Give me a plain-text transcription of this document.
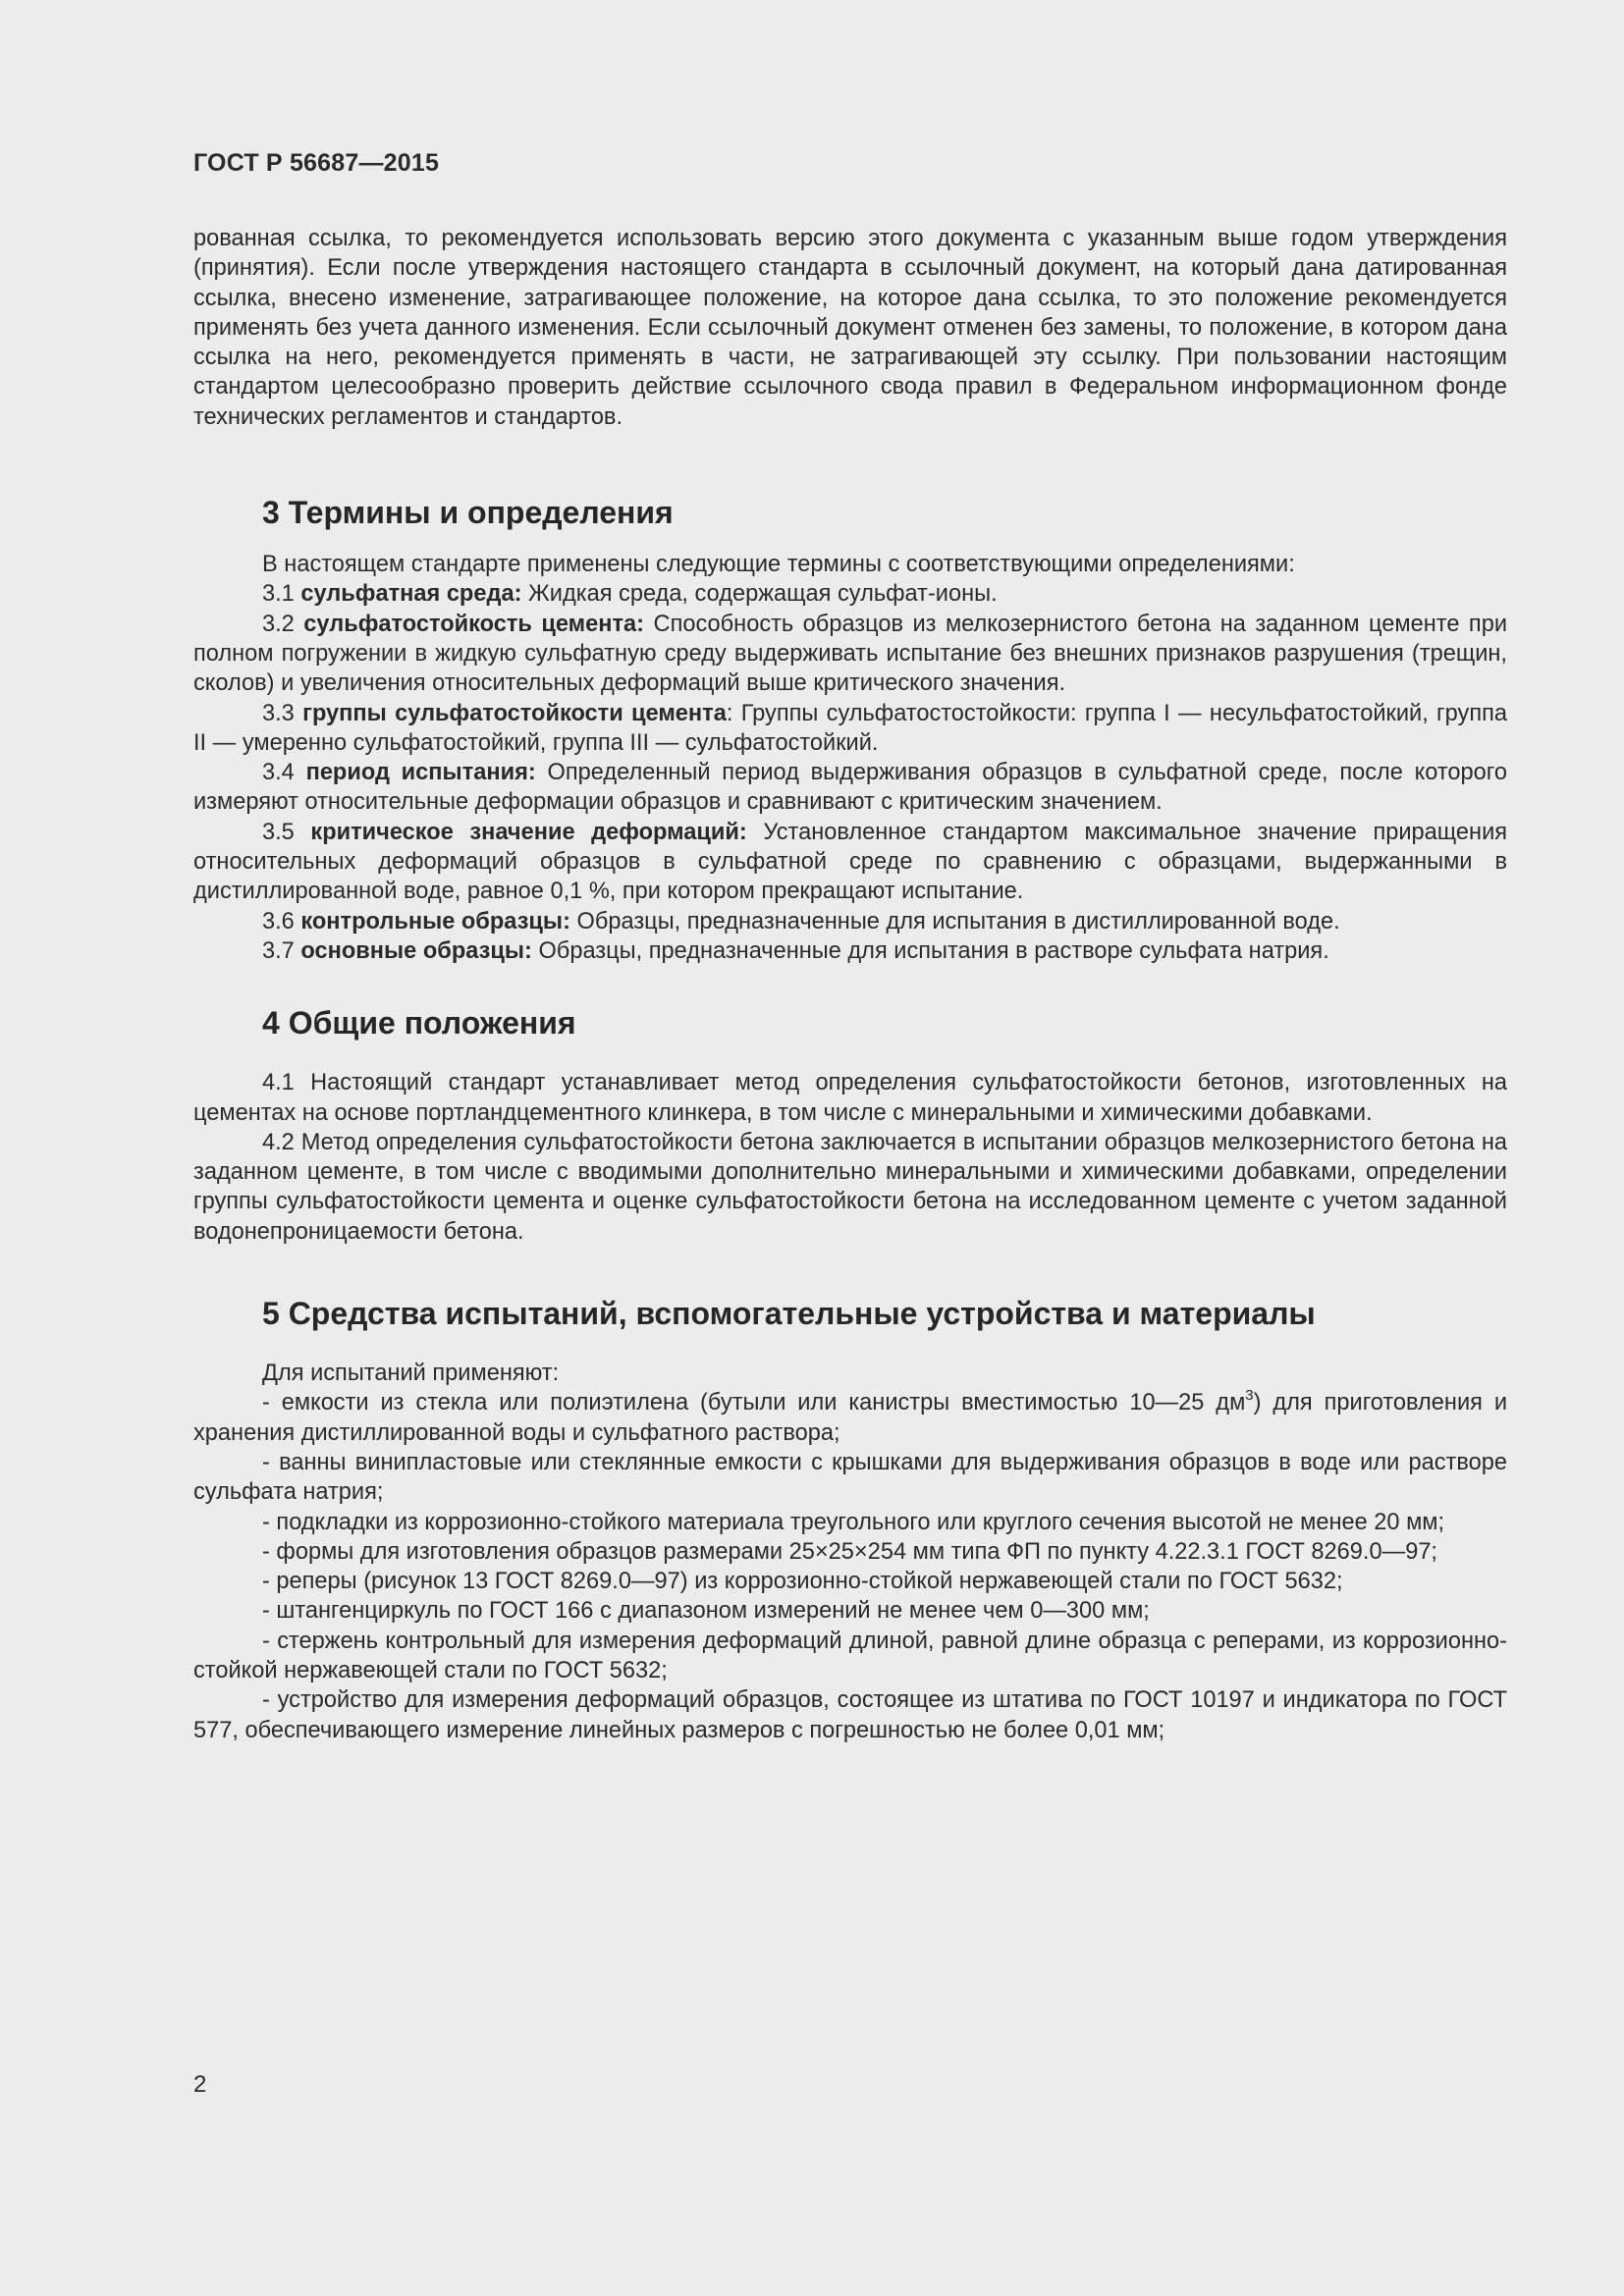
ГОСТ Р 56687—2015

рованная ссылка, то рекомендуется использовать версию этого документа с указанным выше годом утверждения (принятия). Если после утверждения настоящего стандарта в ссылочный документ, на который дана датированная ссылка, внесено изменение, затрагивающее положение, на которое дана ссылка, то это положение рекомендуется применять без учета данного изменения. Если ссылочный документ отменен без замены, то положение, в котором дана ссылка на него, рекомендуется применять в части, не затрагивающей эту ссылку. При пользовании настоящим стандартом целесообразно проверить действие ссылочного свода правил в Федеральном информационном фонде технических регламентов и стандартов.

3 Термины и определения

В настоящем стандарте применены следующие термины с соответствующими определениями:

3.1 сульфатная среда: Жидкая среда, содержащая сульфат-ионы.

3.2 сульфатостойкость цемента: Способность образцов из мелкозернистого бетона на заданном цементе при полном погружении в жидкую сульфатную среду выдерживать испытание без внешних признаков разрушения (трещин, сколов) и увеличения относительных деформаций выше критического значения.

3.3 группы сульфатостойкости цемента: Группы сульфатостостойкости: группа I — несульфатостойкий, группа II — умеренно сульфатостойкий, группа III — сульфатостойкий.

3.4 период испытания: Определенный период выдерживания образцов в сульфатной среде, после которого измеряют относительные деформации образцов и сравнивают с критическим значением.

3.5 критическое значение деформаций: Установленное стандартом максимальное значение приращения относительных деформаций образцов в сульфатной среде по сравнению с образцами, выдержанными в дистиллированной воде, равное 0,1 %, при котором прекращают испытание.

3.6 контрольные образцы: Образцы, предназначенные для испытания в дистиллированной воде.

3.7 основные образцы: Образцы, предназначенные для испытания в растворе сульфата натрия.

4 Общие положения

4.1 Настоящий стандарт устанавливает метод определения сульфатостойкости бетонов, изготовленных на цементах на основе портландцементного клинкера, в том числе с минеральными и химическими добавками.

4.2 Метод определения сульфатостойкости бетона заключается в испытании образцов мелкозернистого бетона на заданном цементе, в том числе с вводимыми дополнительно минеральными и химическими добавками, определении группы сульфатостойкости цемента и оценке сульфатостойкости бетона на исследованном цементе с учетом заданной водонепроницаемости бетона.

5 Средства испытаний, вспомогательные устройства и материалы

Для испытаний применяют:

- емкости из стекла или полиэтилена (бутыли или канистры вместимостью 10—25 $дм^3$) для приготовления и хранения дистиллированной воды и сульфатного раствора;

- ванны винипластовые или стеклянные емкости с крышками для выдерживания образцов в воде или растворе сульфата натрия;

- подкладки из коррозионно-стойкого материала треугольного или круглого сечения высотой не менее 20 мм;

- формы для изготовления образцов размерами 25×25×254 мм типа ФП по пункту 4.22.3.1 ГОСТ 8269.0—97;

- реперы (рисунок 13 ГОСТ 8269.0—97) из коррозионно-стойкой нержавеющей стали по ГОСТ 5632;

- штангенциркуль по ГОСТ 166 с диапазоном измерений не менее чем 0—300 мм;

- стержень контрольный для измерения деформаций длиной, равной длине образца с реперами, из коррозионно-стойкой нержавеющей стали по ГОСТ 5632;

- устройство для измерения деформаций образцов, состоящее из штатива по ГОСТ 10197 и индикатора по ГОСТ 577, обеспечивающего измерение линейных размеров с погрешностью не более 0,01 мм;

2
